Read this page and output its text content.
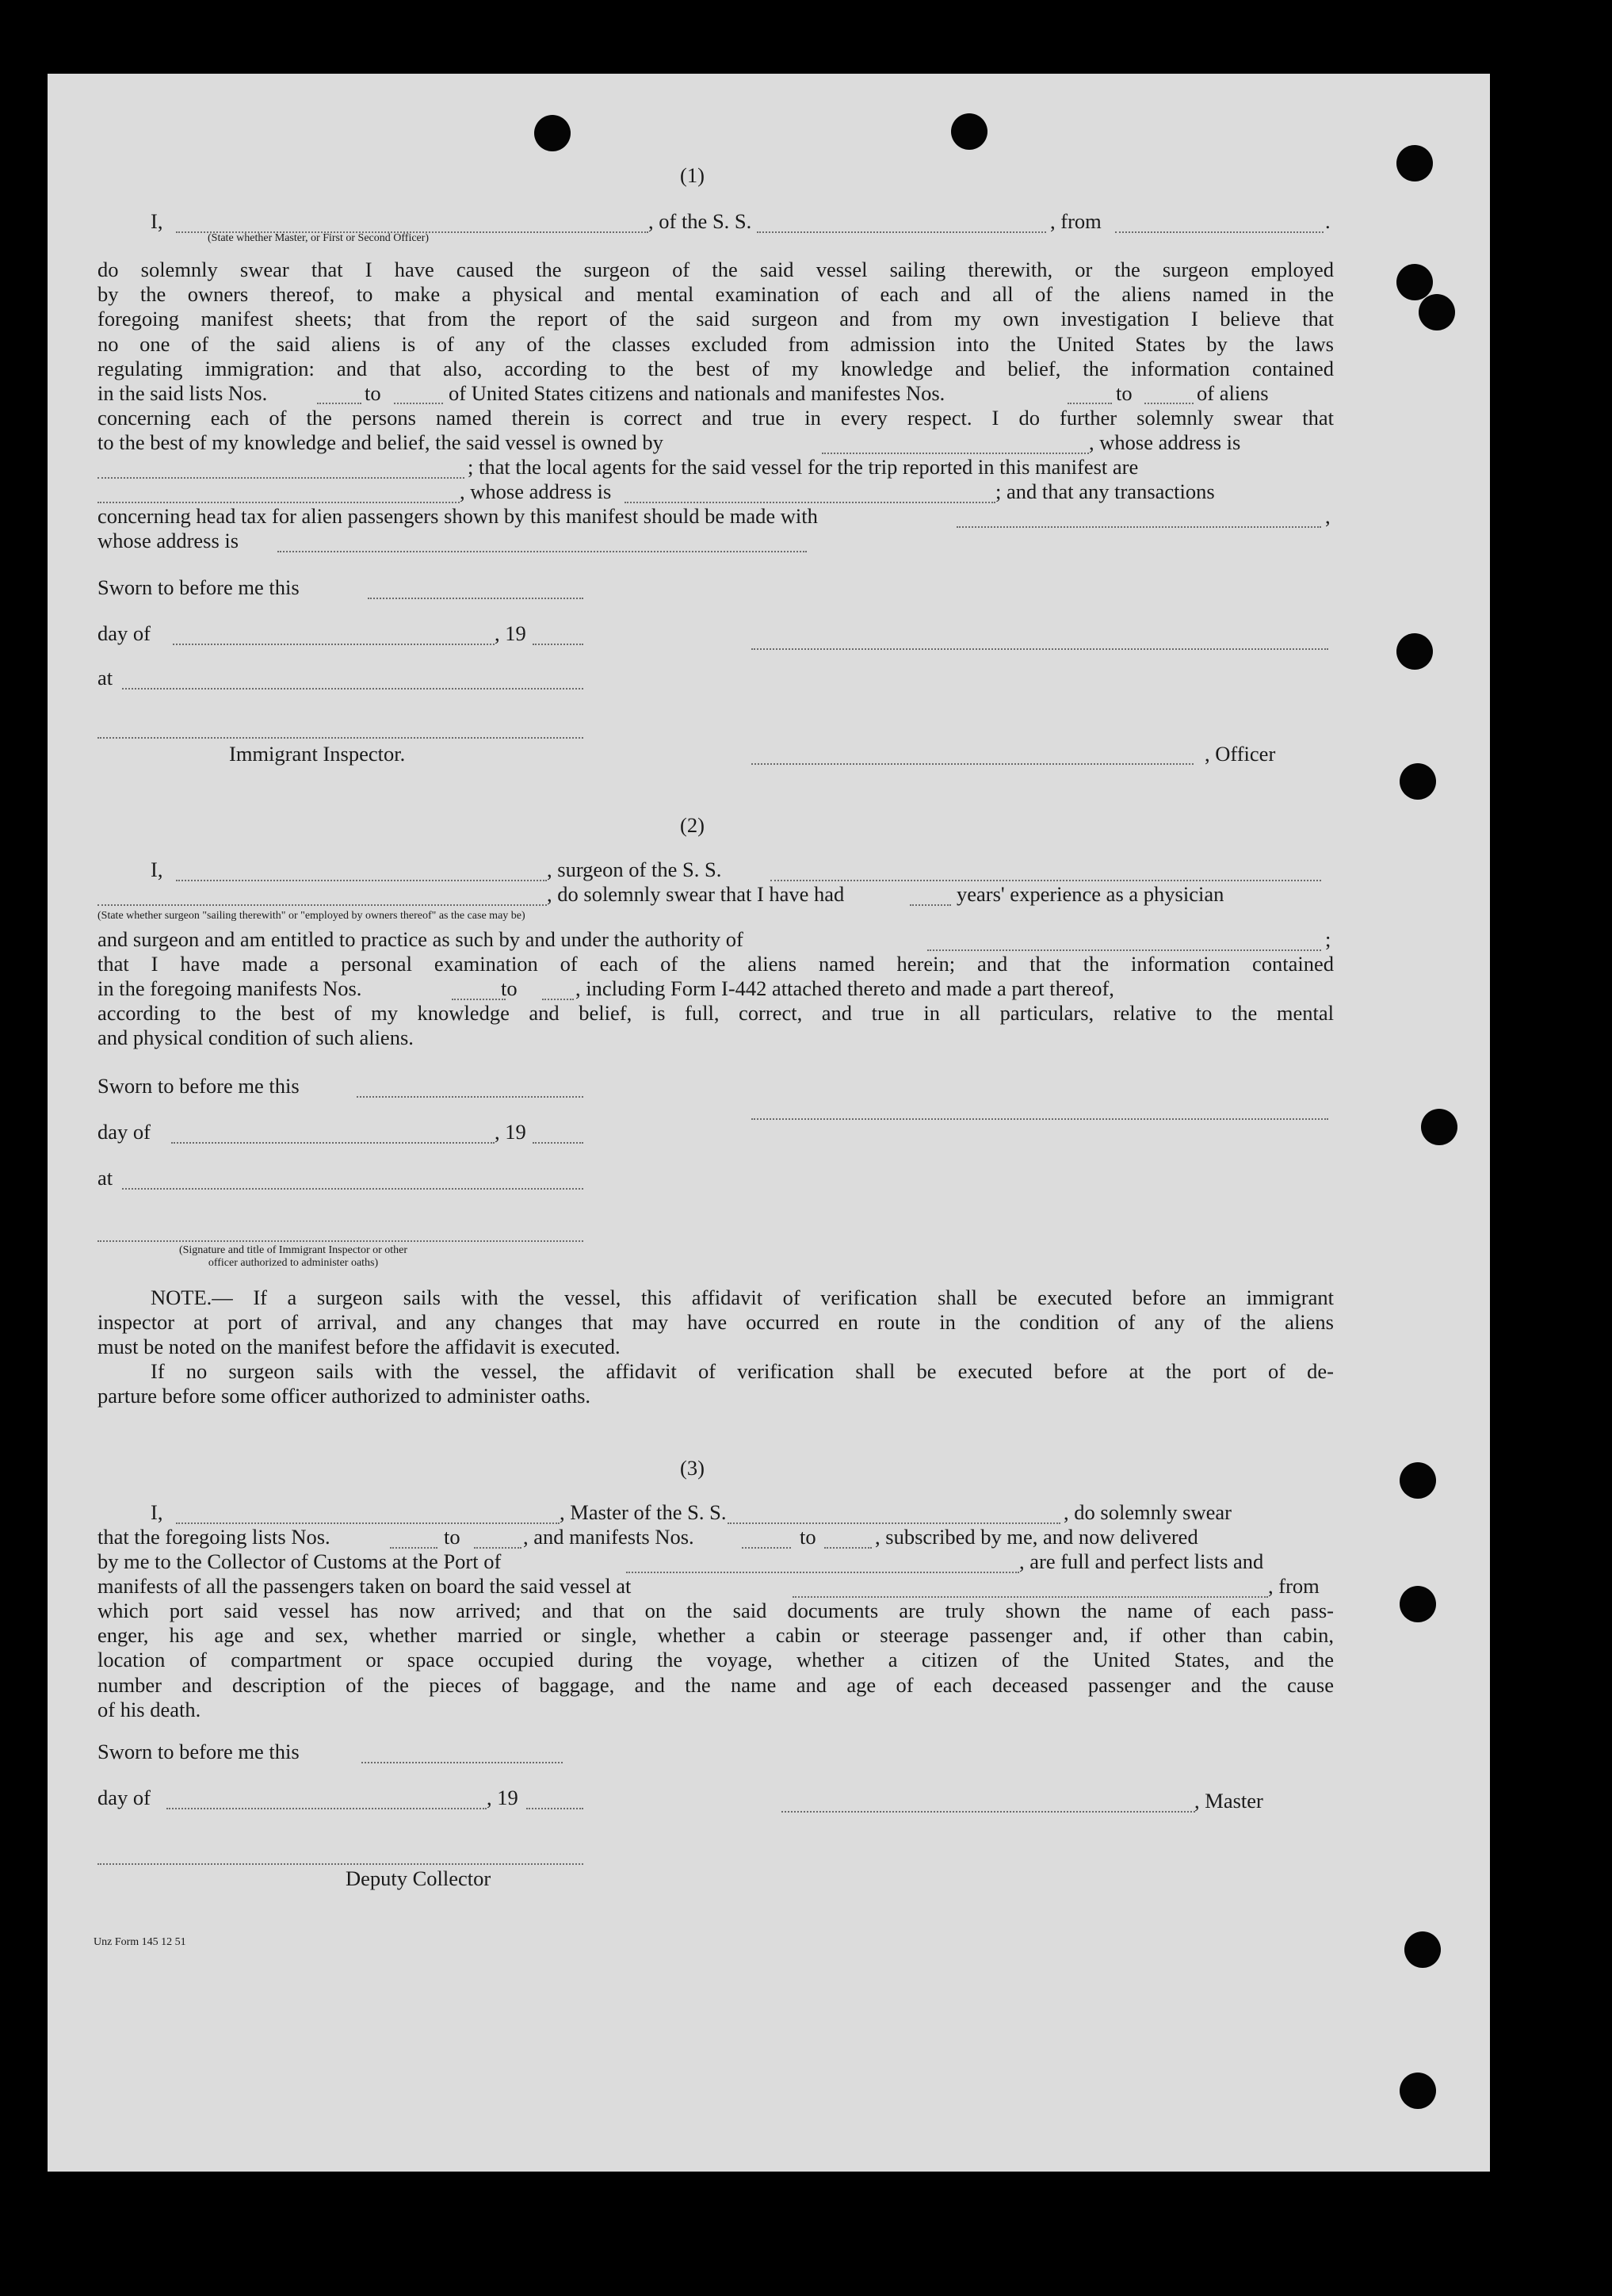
(1)
I,	, of the S. S.	, from	.
(State whether Master, or First or Second Officer)
do solemnly swear that I have caused the surgeon of the said vessel sailing therewith, or the surgeon employed
by the owners thereof, to make a physical and mental examination of each and all of the aliens named in the
foregoing manifest sheets; that from the report of the said surgeon and from my own investigation I believe that
no one of the said aliens is of any of the classes excluded from admission into the United States by the laws
regulating immigration: and that also, according to the best of my knowledge and belief, the information contained
in the said lists Nos.	to	of United States citizens and nationals and manifestes Nos.	to	of aliens
concerning each of the persons named therein is correct and true in every respect. I do further solemnly swear that
to the best of my knowledge and belief, the said vessel is owned by	, whose address is
; that the local agents for the said vessel for the trip reported in this manifest are
, whose address is	; and that any transactions
concerning head tax for alien passengers shown by this manifest should be made with	,
whose address is
Sworn to before me this
day of	, 19
at
Immigrant Inspector.	, Officer
(2)
I,	, surgeon of the S. S.
, do solemnly swear that I have had	years' experience as a physician
(State whether surgeon "sailing therewith" or "employed by owners thereof" as the case may be)
and surgeon and am entitled to practice as such by and under the authority of	;
that I have made a personal examination of each of the aliens named herein; and that the information contained
in the foregoing manifests Nos.	to	, including Form I-442 attached thereto and made a part thereof,
according to the best of my knowledge and belief, is full, correct, and true in all particulars, relative to the mental
and physical condition of such aliens.
Sworn to before me this
day of	, 19
at
(Signature and title of Immigrant Inspector or other
officer authorized to administer oaths)
NOTE.— If a surgeon sails with the vessel, this affidavit of verification shall be executed before an immigrant
inspector at port of arrival, and any changes that may have occurred en route in the condition of any of the aliens
must be noted on the manifest before the affidavit is executed.
If no surgeon sails with the vessel, the affidavit of verification shall be executed before at the port of de-
parture before some officer authorized to administer oaths.
(3)
I,	, Master of the S. S.	, do solemnly swear
that the foregoing lists Nos.	to	, and manifests Nos.	to	, subscribed by me, and now delivered
by me to the Collector of Customs at the Port of	, are full and perfect lists and
manifests of all the passengers taken on board the said vessel at	, from
which port said vessel has now arrived; and that on the said documents are truly shown the name of each pass-
enger, his age and sex, whether married or single, whether a cabin or steerage passenger and, if other than cabin,
location of compartment or space occupied during the voyage, whether a citizen of the United States, and the
number and description of the pieces of baggage, and the name and age of each deceased passenger and the cause
of his death.
Sworn to before me this
day of	, 19	, Master
Deputy Collector
Unz Form 145 12 51
